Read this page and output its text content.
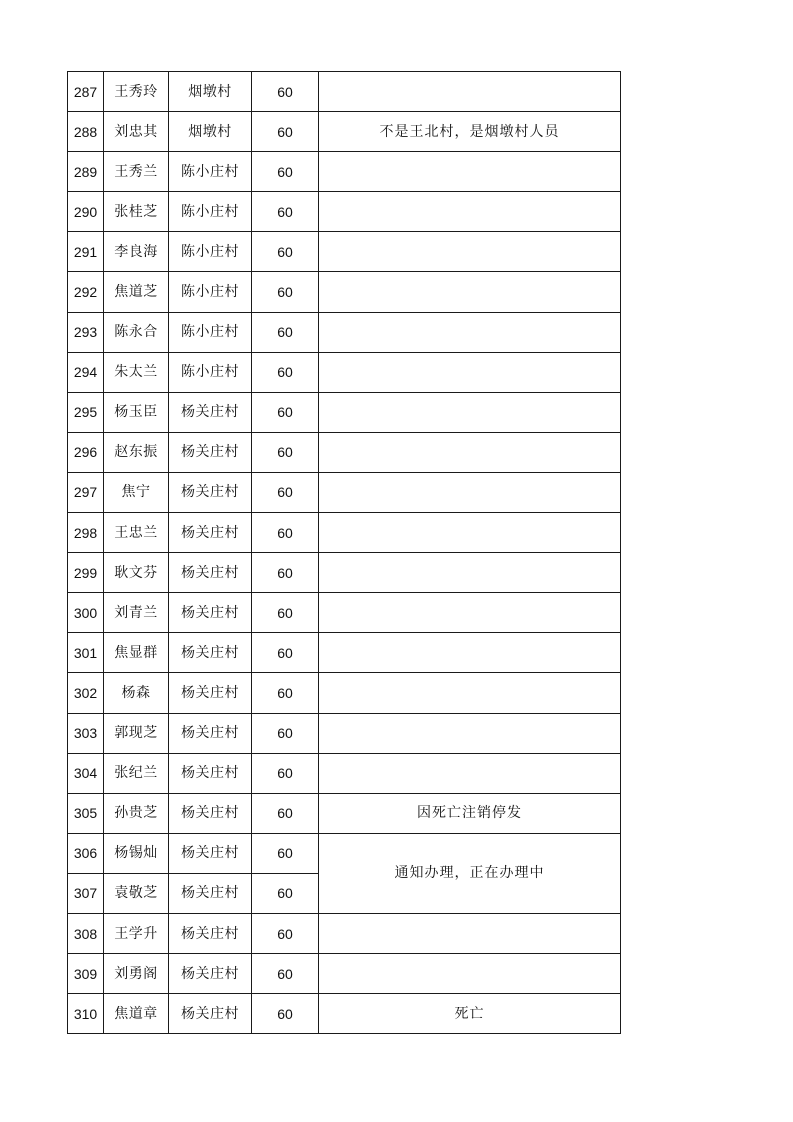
287	王秀玲	烟墩村	60	
288	刘忠其	烟墩村	60	不是王北村，是烟墩村人员
289	王秀兰	陈小庄村	60	
290	张桂芝	陈小庄村	60	
291	李良海	陈小庄村	60	
292	焦道芝	陈小庄村	60	
293	陈永合	陈小庄村	60	
294	朱太兰	陈小庄村	60	
295	杨玉臣	杨关庄村	60	
296	赵东振	杨关庄村	60	
297	焦宁	杨关庄村	60	
298	王忠兰	杨关庄村	60	
299	耿文芬	杨关庄村	60	
300	刘青兰	杨关庄村	60	
301	焦显群	杨关庄村	60	
302	杨森	杨关庄村	60	
303	郭现芝	杨关庄村	60	
304	张纪兰	杨关庄村	60	
305	孙贵芝	杨关庄村	60	因死亡注销停发
306	杨锡灿	杨关庄村	60	通知办理，正在办理中
307	袁敬芝	杨关庄村	60	
308	王学升	杨关庄村	60	
309	刘勇阁	杨关庄村	60	
310	焦道章	杨关庄村	60	死亡
